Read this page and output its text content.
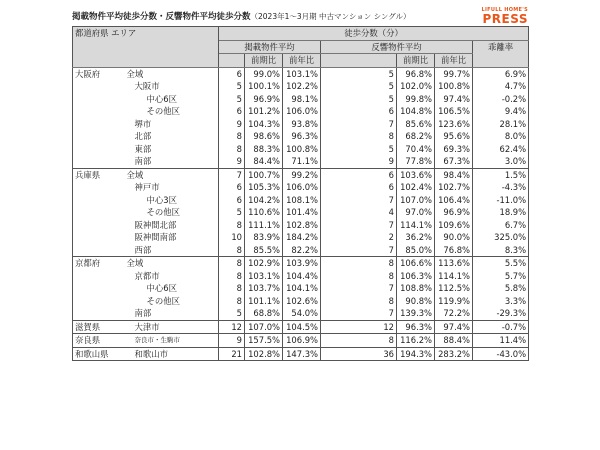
掲載物件平均徒歩分数・反響物件平均徒歩分数（2023年1～3月期 中古マンション シングル）
LIFULL HOME'S
PRESS
都道府県 エリア		徒歩分数（分）						
		掲載物件平均			反響物件平均			乖離率
			前期比	前年比		前期比	前年比	
大阪府	全域	6	99.0%	103.1%	5	96.8%	99.7%	6.9%
	大阪市	5	100.1%	102.2%	5	102.0%	100.8%	4.7%
	中心6区	5	96.9%	98.1%	5	99.8%	97.4%	-0.2%
	その他区	6	101.2%	106.0%	6	104.8%	106.5%	9.4%
	堺市	9	104.3%	93.8%	7	85.6%	123.6%	28.1%
	北部	8	98.6%	96.3%	8	68.2%	95.6%	8.0%
	東部	8	88.3%	100.8%	5	70.4%	69.3%	62.4%
	南部	9	84.4%	71.1%	9	77.8%	67.3%	3.0%
兵庫県	全域	7	100.7%	99.2%	6	103.6%	98.4%	1.5%
	神戸市	6	105.3%	106.0%	6	102.4%	102.7%	-4.3%
	中心3区	6	104.2%	108.1%	7	107.0%	106.4%	-11.0%
	その他区	5	110.6%	101.4%	4	97.0%	96.9%	18.9%
	阪神間北部	8	111.1%	102.8%	7	114.1%	109.6%	6.7%
	阪神間南部	10	83.9%	184.2%	2	36.2%	90.0%	325.0%
	西部	8	85.5%	82.2%	7	85.0%	76.8%	8.3%
京都府	全域	8	102.9%	103.9%	8	106.6%	113.6%	5.5%
	京都市	8	103.1%	104.4%	8	106.3%	114.1%	5.7%
	中心6区	8	103.7%	104.1%	7	108.8%	112.5%	5.8%
	その他区	8	101.1%	102.6%	8	90.8%	119.9%	3.3%
	南部	5	68.8%	54.0%	7	139.3%	72.2%	-29.3%
滋賀県	大津市	12	107.0%	104.5%	12	96.3%	97.4%	-0.7%
奈良県	奈良市・生駒市	9	157.5%	106.9%	8	116.2%	88.4%	11.4%
和歌山県	和歌山市	21	102.8%	147.3%	36	194.3%	283.2%	-43.0%
